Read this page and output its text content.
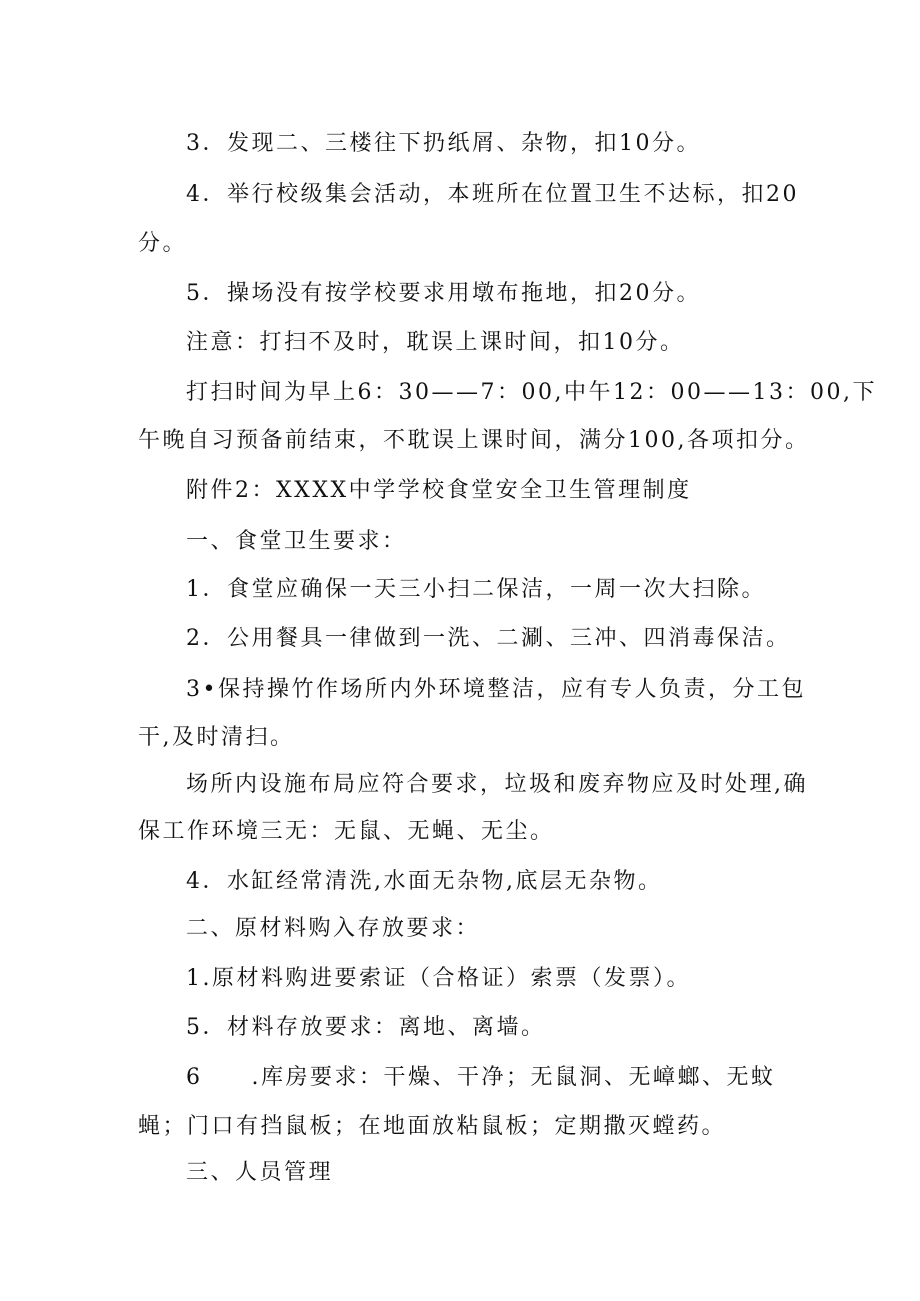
3．发现二、三楼往下扔纸屑、杂物，扣10分。
4．举行校级集会活动，本班所在位置卫生不达标，扣20
分。
5．操场没有按学校要求用墩布拖地，扣20分。
注意：打扫不及时，耽误上课时间，扣10分。
打扫时间为早上6：30——7：00,中午12：00——13：00,下
午晚自习预备前结束，不耽误上课时间，满分100,各项扣分。
附件2：XXXX中学学校食堂安全卫生管理制度
一、食堂卫生要求：
1．食堂应确保一天三小扫二保洁，一周一次大扫除。
2．公用餐具一律做到一洗、二涮、三冲、四消毒保洁。
3•保持操竹作场所内外环境整洁，应有专人负责，分工包
干,及时清扫。
场所内设施布局应符合要求，垃圾和废弃物应及时处理,确
保工作环境三无：无鼠、无蝇、无尘。
4．水缸经常清洗,水面无杂物,底层无杂物。
二、原材料购入存放要求：
1.原材料购进要索证（合格证）索票（发票）。
5．材料存放要求：离地、离墙。
6　　.库房要求：干燥、干净；无鼠洞、无嶂螂、无蚊
蝇；门口有挡鼠板；在地面放粘鼠板；定期撒灭螳药。
三、人员管理
